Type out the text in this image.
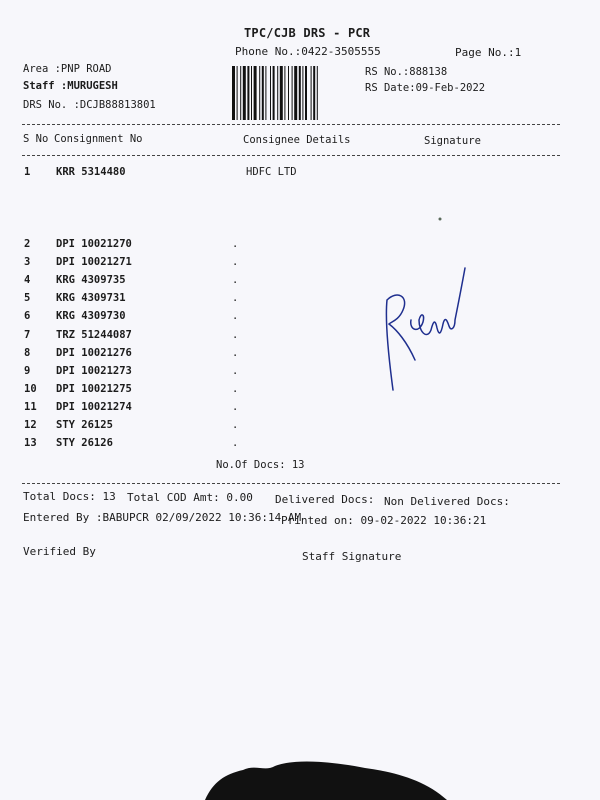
TPC/CJB DRS - PCR
Phone No.:0422-3505555	Page No.:1
Area :PNP ROAD
Staff :MURUGESH
DRS No. :DCJB88813801
RS No.:888138
RS Date:09-Feb-2022
S No Consignment No	Consignee Details	Signature
1 KRR 5314480	HDFC LTD
2 DPI 10021270	.
3 DPI 10021271	.
4 KRG 4309735	.
5 KRG 4309731	.
6 KRG 4309730	.
7 TRZ 51244087	.
8 DPI 10021276	.
9 DPI 10021273	.
10 DPI 10021275	.
11 DPI 10021274	.
12 STY 26125	.
13 STY 26126	.
No.Of Docs: 13
Total Docs: 13 Total COD Amt: 0.00 Delivered Docs: Non Delivered Docs:
Entered By :BABUPCR 02/09/2022 10:36:14 AM
Printed on: 09-02-2022 10:36:21
Verified By	Staff Signature
